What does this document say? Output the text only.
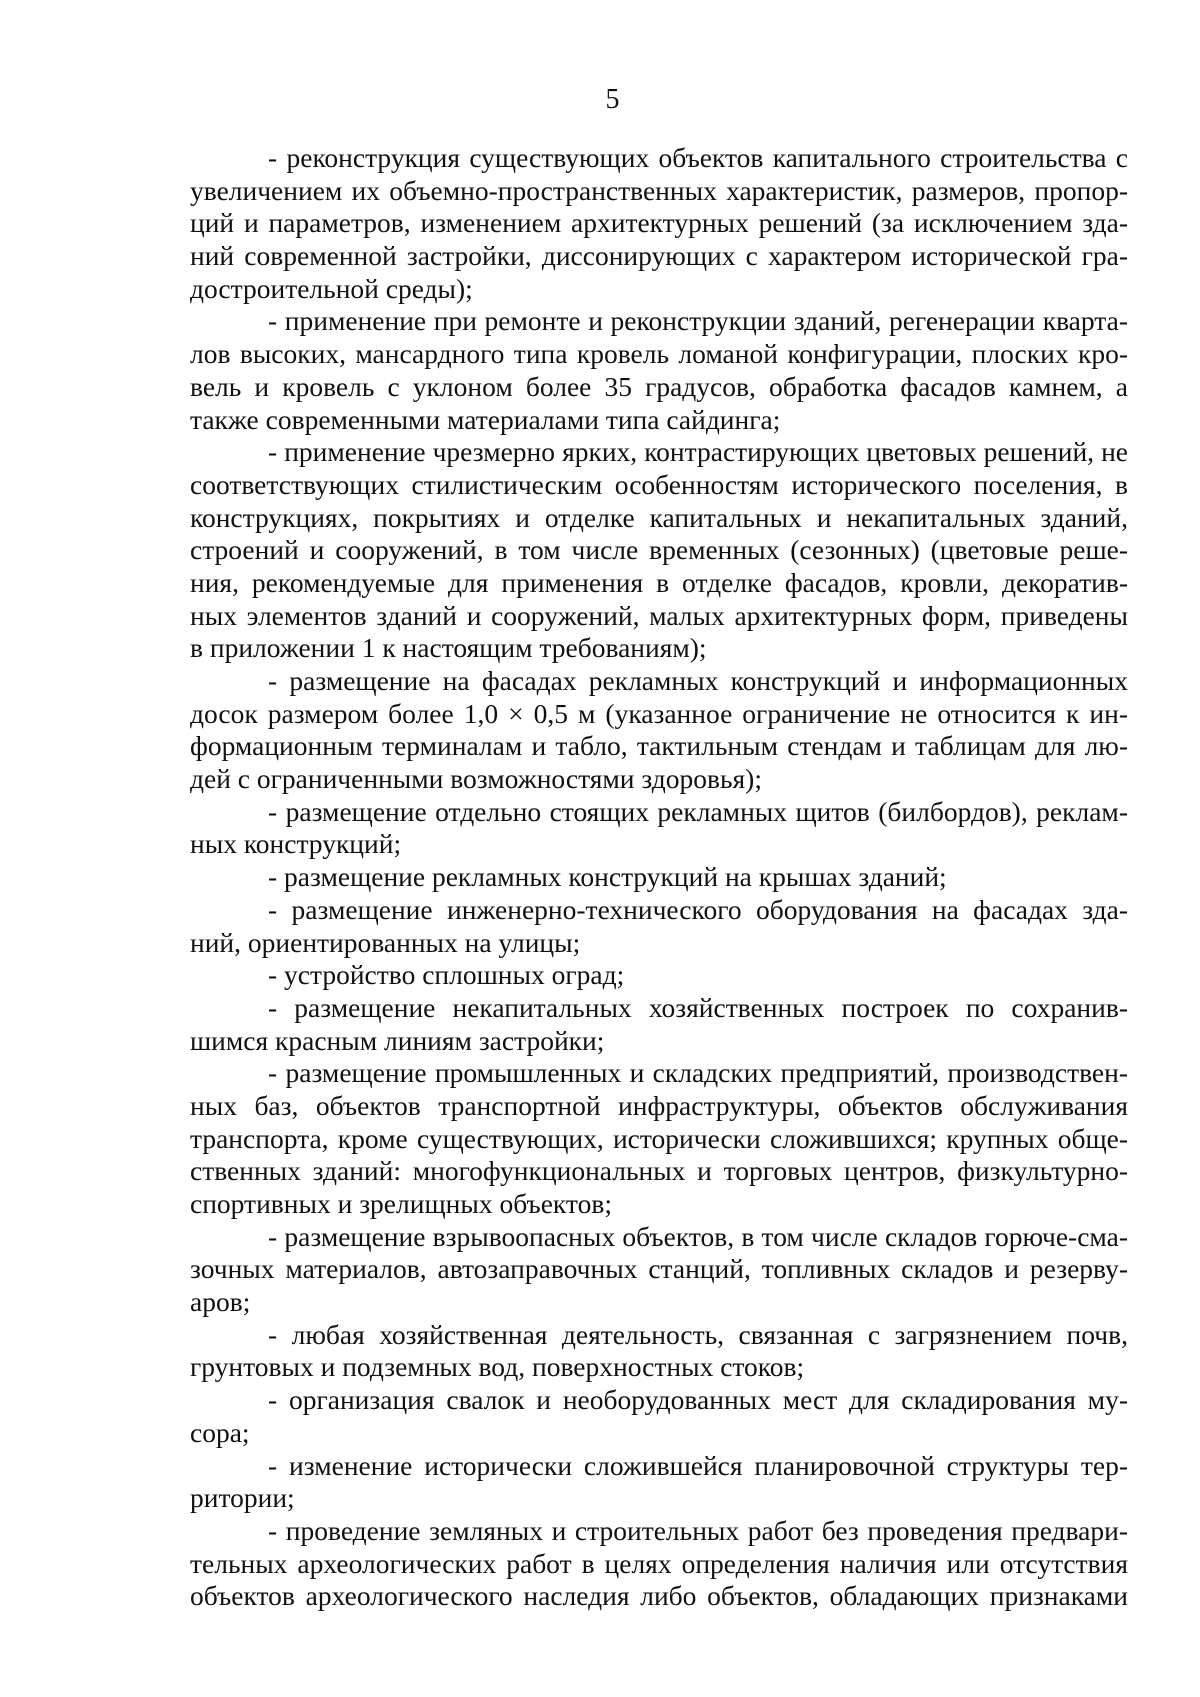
5
- реконструкция существующих объектов капитального строительства с
увеличением их объемно-пространственных характеристик, размеров, пропор-
ций и параметров, изменением архитектурных решений (за исключением зда-
ний современной застройки, диссонирующих с характером исторической гра-
достроительной среды);
- применение при ремонте и реконструкции зданий, регенерации кварта-
лов высоких, мансардного типа кровель ломаной конфигурации, плоских кро-
вель и кровель с уклоном более 35 градусов, обработка фасадов камнем, а
также современными материалами типа сайдинга;
- применение чрезмерно ярких, контрастирующих цветовых решений, не
соответствующих стилистическим особенностям исторического поселения, в
конструкциях, покрытиях и отделке капитальных и некапитальных зданий,
строений и сооружений, в том числе временных (сезонных) (цветовые реше-
ния, рекомендуемые для применения в отделке фасадов, кровли, декоратив-
ных элементов зданий и сооружений, малых архитектурных форм, приведены
в приложении 1 к настоящим требованиям);
- размещение на фасадах рекламных конструкций и информационных
досок размером более 1,0 × 0,5 м (указанное ограничение не относится к ин-
формационным терминалам и табло, тактильным стендам и таблицам для лю-
дей с ограниченными возможностями здоровья);
- размещение отдельно стоящих рекламных щитов (билбордов), реклам-
ных конструкций;
- размещение рекламных конструкций на крышах зданий;
- размещение инженерно-технического оборудования на фасадах зда-
ний, ориентированных на улицы;
- устройство сплошных оград;
- размещение некапитальных хозяйственных построек по сохранив-
шимся красным линиям застройки;
- размещение промышленных и складских предприятий, производствен-
ных баз, объектов транспортной инфраструктуры, объектов обслуживания
транспорта, кроме существующих, исторически сложившихся; крупных обще-
ственных зданий: многофункциональных и торговых центров, физкультурно-
спортивных и зрелищных объектов;
- размещение взрывоопасных объектов, в том числе складов горюче-сма-
зочных материалов, автозаправочных станций, топливных складов и резерву-
аров;
- любая хозяйственная деятельность, связанная с загрязнением почв,
грунтовых и подземных вод, поверхностных стоков;
- организация свалок и необорудованных мест для складирования му-
сора;
- изменение исторически сложившейся планировочной структуры тер-
ритории;
- проведение земляных и строительных работ без проведения предвари-
тельных археологических работ в целях определения наличия или отсутствия
объектов археологического наследия либо объектов, обладающих признаками
